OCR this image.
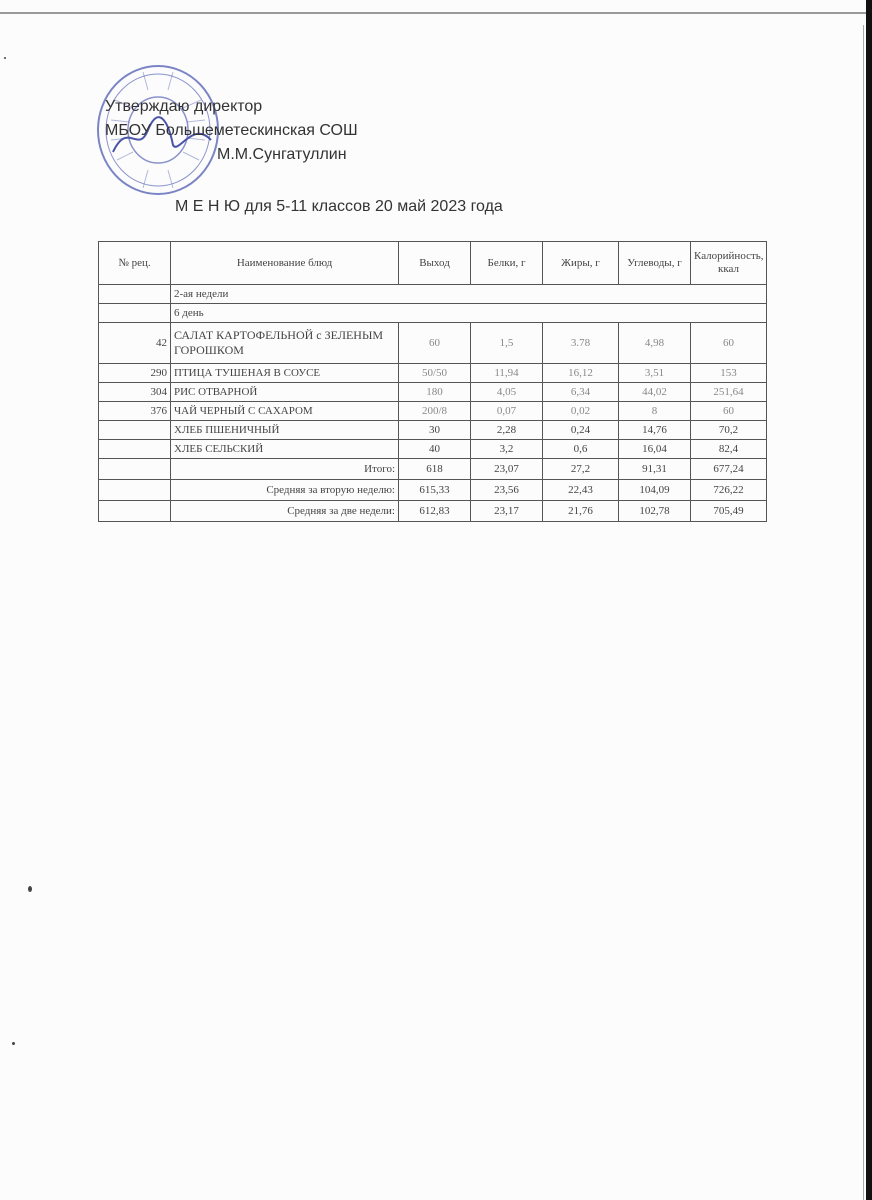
Утверждаю директор
МБОУ Большеметескинская СОШ
М.М.Сунгатуллин
М Е Н Ю для 5-11 классов 20 май 2023 года
№ рец.	Наименование блюд	Выход	Белки, г	Жиры, г	Углеводы, г	Калорийность, ккал
	2-ая недели					
	6 день					
42	САЛАТ КАРТОФЕЛЬНОЙ с ЗЕЛЕНЫМ ГОРОШКОМ	60	1,5	3.78	4,98	60
290	ПТИЦА ТУШЕНАЯ В СОУСЕ	50/50	11,94	16,12	3,51	153
304	РИС ОТВАРНОЙ	180	4,05	6,34	44,02	251,64
376	ЧАЙ ЧЕРНЫЙ С САХАРОМ	200/8	0,07	0,02	8	60
	ХЛЕБ ПШЕНИЧНЫЙ	30	2,28	0,24	14,76	70,2
	ХЛЕБ СЕЛЬСКИЙ	40	3,2	0,6	16,04	82,4
	Итого:	618	23,07	27,2	91,31	677,24
	Средняя за вторую неделю:	615,33	23,56	22,43	104,09	726,22
	Средняя за две недели:	612,83	23,17	21,76	102,78	705,49
